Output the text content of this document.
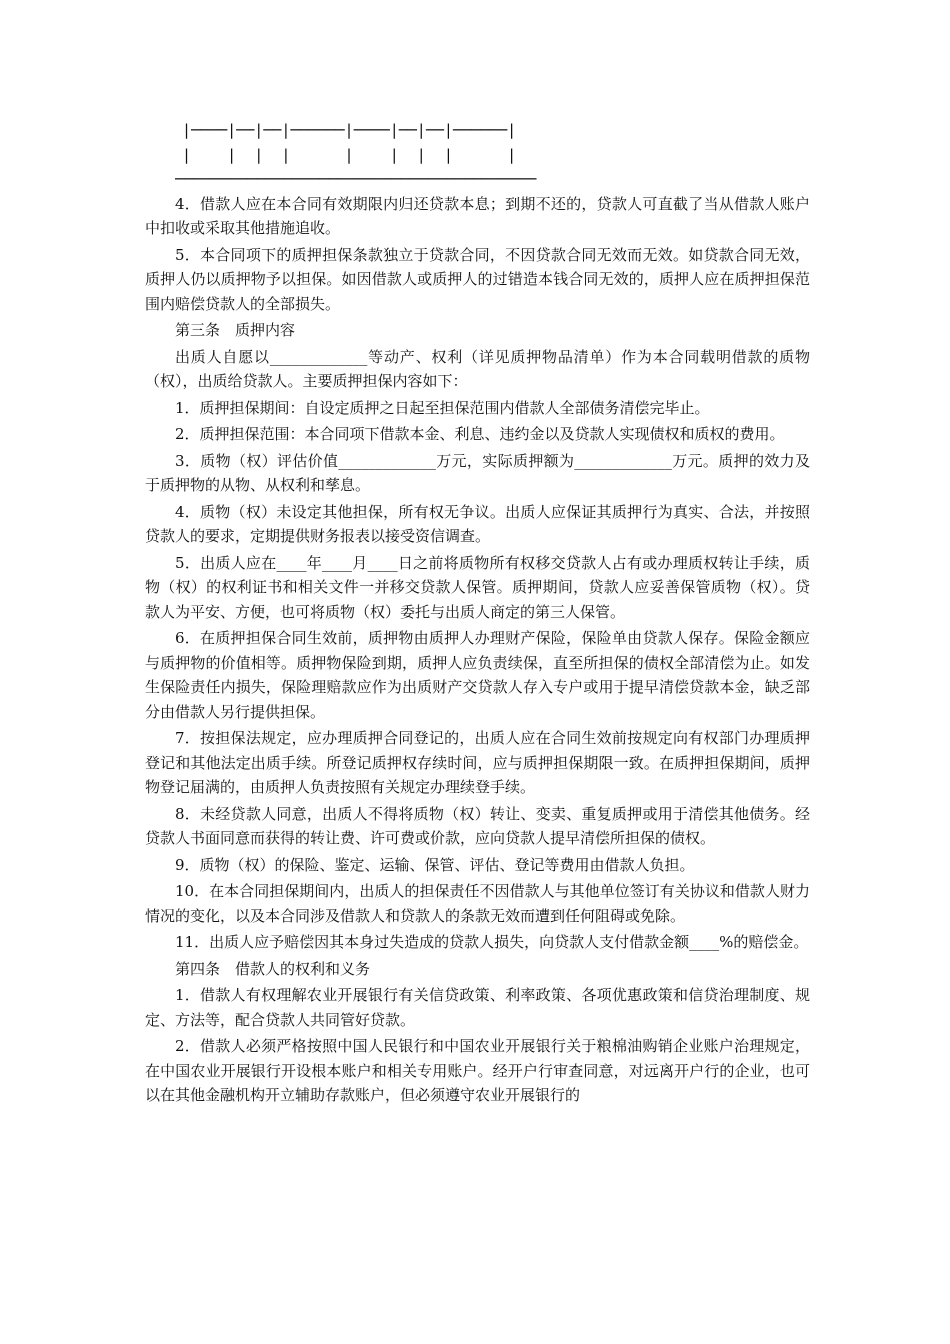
|────|──|──|──────|────|──|──|──────|
|    |  |  |      |    |  |  |      |
────────────────────────────────────────

4．借款人应在本合同有效期限内归还贷款本息；到期不还的，贷款人可直截了当从借款人账户中扣收或采取其他措施追收。

5．本合同项下的质押担保条款独立于贷款合同，不因贷款合同无效而无效。如贷款合同无效，质押人仍以质押物予以担保。如因借款人或质押人的过错造本钱合同无效的，质押人应在质押担保范围内赔偿贷款人的全部损失。

第三条　质押内容

出质人自愿以_____________等动产、权利（详见质押物品清单）作为本合同载明借款的质物（权），出质给贷款人。主要质押担保内容如下：

1．质押担保期间：自设定质押之日起至担保范围内借款人全部债务清偿完毕止。

2．质押担保范围：本合同项下借款本金、利息、违约金以及贷款人实现债权和质权的费用。

3．质物（权）评估价值_____________万元，实际质押额为_____________万元。质押的效力及于质押物的从物、从权利和孳息。

4．质物（权）未设定其他担保，所有权无争议。出质人应保证其质押行为真实、合法，并按照贷款人的要求，定期提供财务报表以接受资信调查。

5．出质人应在____年____月____日之前将质物所有权移交贷款人占有或办理质权转让手续，质物（权）的权利证书和相关文件一并移交贷款人保管。质押期间，贷款人应妥善保管质物（权）。贷款人为平安、方便，也可将质物（权）委托与出质人商定的第三人保管。

6．在质押担保合同生效前，质押物由质押人办理财产保险，保险单由贷款人保存。保险金额应与质押物的价值相等。质押物保险到期，质押人应负责续保，直至所担保的债权全部清偿为止。如发生保险责任内损失，保险理赔款应作为出质财产交贷款人存入专户或用于提早清偿贷款本金，缺乏部分由借款人另行提供担保。

7．按担保法规定，应办理质押合同登记的，出质人应在合同生效前按规定向有权部门办理质押登记和其他法定出质手续。所登记质押权存续时间，应与质押担保期限一致。在质押担保期间，质押物登记届满的，由质押人负责按照有关规定办理续登手续。

8．未经贷款人同意，出质人不得将质物（权）转让、变卖、重复质押或用于清偿其他债务。经贷款人书面同意而获得的转让费、许可费或价款，应向贷款人提早清偿所担保的债权。

9．质物（权）的保险、鉴定、运输、保管、评估、登记等费用由借款人负担。

10．在本合同担保期间内，出质人的担保责任不因借款人与其他单位签订有关协议和借款人财力情况的变化，以及本合同涉及借款人和贷款人的条款无效而遭到任何阻碍或免除。

11．出质人应予赔偿因其本身过失造成的贷款人损失，向贷款人支付借款金额____%的赔偿金。

第四条　借款人的权利和义务

1．借款人有权理解农业开展银行有关信贷政策、利率政策、各项优惠政策和信贷治理制度、规定、方法等，配合贷款人共同管好贷款。

2．借款人必须严格按照中国人民银行和中国农业开展银行关于粮棉油购销企业账户治理规定，在中国农业开展银行开设根本账户和相关专用账户。经开户行审查同意，对远离开户行的企业，也可以在其他金融机构开立辅助存款账户，但必须遵守农业开展银行的
